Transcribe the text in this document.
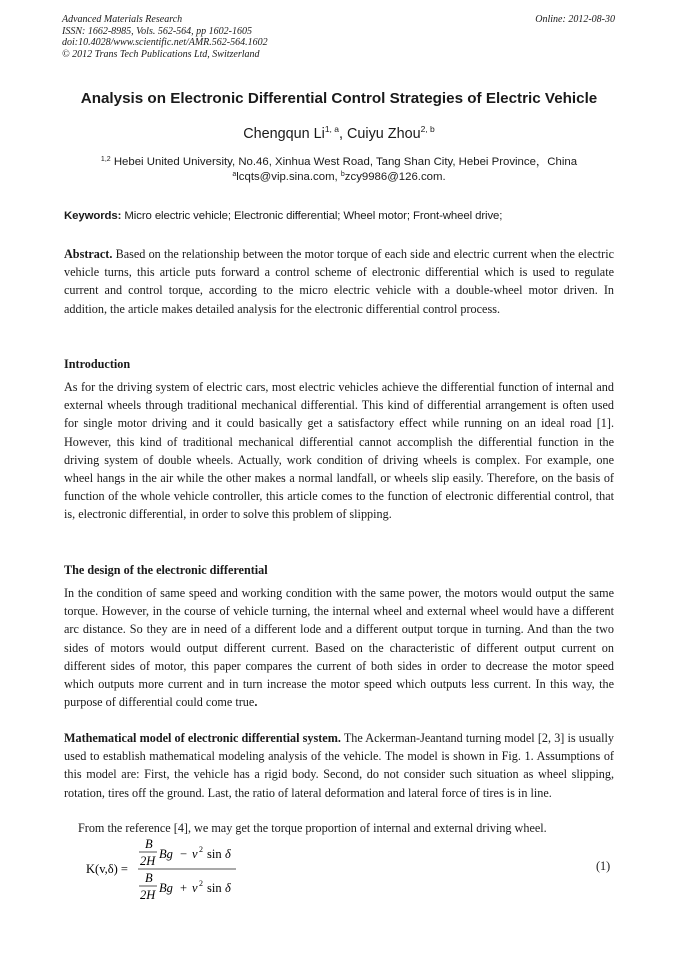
Advanced Materials Research
ISSN: 1662-8985, Vols. 562-564, pp 1602-1605
doi:10.4028/www.scientific.net/AMR.562-564.1602
© 2012 Trans Tech Publications Ltd, Switzerland
Online: 2012-08-30
Analysis on Electronic Differential Control Strategies of Electric Vehicle
Chengqun Li$^{1, a}$, Cuiyu Zhou$^{2, b}$
$^{1,2}$ Hebei United University, No.46, Xinhua West Road, Tang Shan City, Hebei Province，China
$^a$lcqts@vip.sina.com, $^b$zcy9986@126.com.
Keywords: Micro electric vehicle; Electronic differential; Wheel motor; Front-wheel drive;
Abstract. Based on the relationship between the motor torque of each side and electric current when the electric vehicle turns, this article puts forward a control scheme of electronic differential which is used to regulate current and control torque, according to the micro electric vehicle with a double-wheel motor driven. In addition, the article makes detailed analysis for the electronic differential control process.
Introduction
As for the driving system of electric cars, most electric vehicles achieve the differential function of internal and external wheels through traditional mechanical differential. This kind of differential arrangement is often used for single motor driving and it could basically get a satisfactory effect while running on an ideal road [1]. However, this kind of traditional mechanical differential cannot accomplish the differential function in the driving system of double wheels. Actually, work condition of driving wheels is complex. For example, one wheel hangs in the air while the other makes a normal landfall, or wheels slip easily. Therefore, on the basis of function of the whole vehicle controller, this article comes to the function of electronic differential control, that is, electronic differential, in order to solve this problem of slipping.
The design of the electronic differential
In the condition of same speed and working condition with the same power, the motors would output the same torque. However, in the course of vehicle turning, the internal wheel and external wheel would have a different arc distance. So they are in need of a different lode and a different output torque in turning. And than the two sides of motors would output different current. Based on the characteristic of different output current on different sides of motor, this paper compares the current of both sides in order to decrease the motor speed which outputs more current and in turn increase the motor speed which outputs less current. In this way, the purpose of differential could come true.
Mathematical model of electronic differential system. The Ackerman-Jeantand turning model [2, 3] is usually used to establish mathematical modeling analysis of the vehicle. The model is shown in Fig. 1. Assumptions of this model are: First, the vehicle has a rigid body. Second, do not consider such situation as wheel slipping, rotation, tires off the ground. Last, the ratio of lateral deformation and lateral force of tires is in line.
From the reference [4], we may get the torque proportion of internal and external driving wheel.
K(v,δ) =
B
2H Bg − v 2 sin δ
B
2H Bg + v 2 sin δ
(1)
